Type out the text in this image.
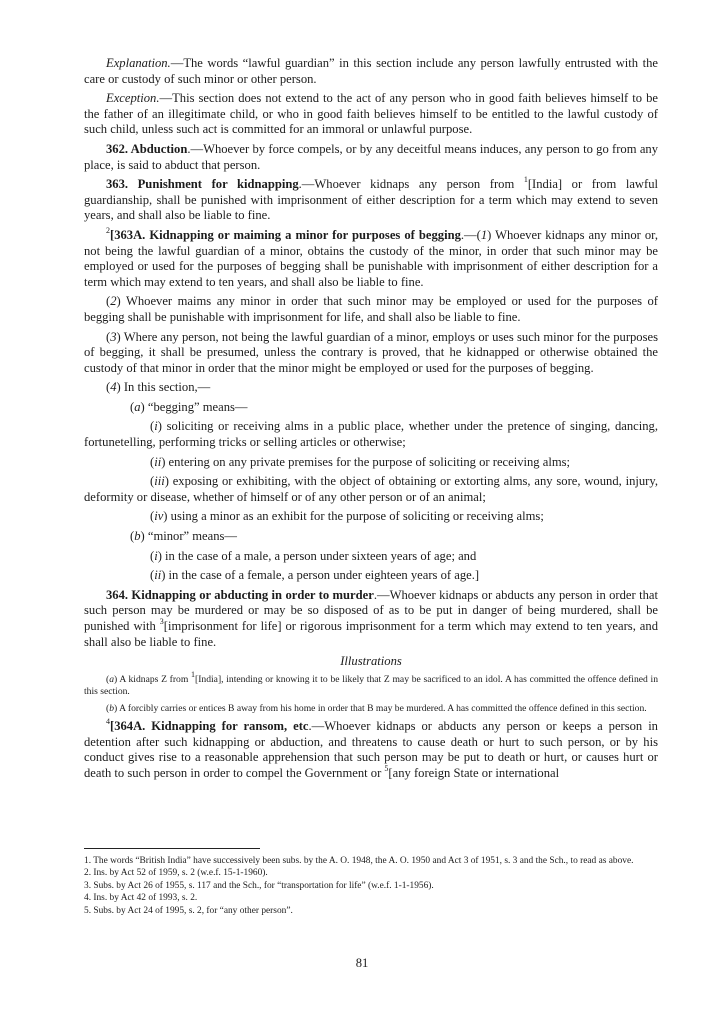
Explanation.—The words “lawful guardian” in this section include any person lawfully entrusted with the care or custody of such minor or other person.

Exception.—This section does not extend to the act of any person who in good faith believes himself to be the father of an illegitimate child, or who in good faith believes himself to be entitled to the lawful custody of such child, unless such act is committed for an immoral or unlawful purpose.

362. Abduction.—Whoever by force compels, or by any deceitful means induces, any person to go from any place, is said to abduct that person.

363. Punishment for kidnapping.—Whoever kidnaps any person from $^1$[India] or from lawful guardianship, shall be punished with imprisonment of either description for a term which may extend to seven years, and shall also be liable to fine.

$^2$[363A. Kidnapping or maiming a minor for purposes of begging.—(1) Whoever kidnaps any minor or, not being the lawful guardian of a minor, obtains the custody of the minor, in order that such minor may be employed or used for the purposes of begging shall be punishable with imprisonment of either description for a term which may extend to ten years, and shall also be liable to fine.

(2) Whoever maims any minor in order that such minor may be employed or used for the purposes of begging shall be punishable with imprisonment for life, and shall also be liable to fine.

(3) Where any person, not being the lawful guardian of a minor, employs or uses such minor for the purposes of begging, it shall be presumed, unless the contrary is proved, that he kidnapped or otherwise obtained the custody of that minor in order that the minor might be employed or used for the purposes of begging.

(4) In this section,—

(a) “begging” means—

(i) soliciting or receiving alms in a public place, whether under the pretence of singing, dancing, fortunetelling, performing tricks or selling articles or otherwise;

(ii) entering on any private premises for the purpose of soliciting or receiving alms;

(iii) exposing or exhibiting, with the object of obtaining or extorting alms, any sore, wound, injury, deformity or disease, whether of himself or of any other person or of an animal;

(iv) using a minor as an exhibit for the purpose of soliciting or receiving alms;

(b) “minor” means—

(i) in the case of a male, a person under sixteen years of age; and

(ii) in the case of a female, a person under eighteen years of age.]

364. Kidnapping or abducting in order to murder.—Whoever kidnaps or abducts any person in order that such person may be murdered or may be so disposed of as to be put in danger of being murdered, shall be punished with $^3$[imprisonment for life] or rigorous imprisonment for a term which may extend to ten years, and shall also be liable to fine.

Illustrations

(a) A kidnaps Z from $^1$[India], intending or knowing it to be likely that Z may be sacrificed to an idol. A has committed the offence defined in this section.

(b) A forcibly carries or entices B away from his home in order that B may be murdered. A has committed the offence defined in this section.

$^4$[364A. Kidnapping for ransom, etc.—Whoever kidnaps or abducts any person or keeps a person in detention after such kidnapping or abduction, and threatens to cause death or hurt to such person, or by his conduct gives rise to a reasonable apprehension that such person may be put to death or hurt, or causes hurt or death to such person in order to compel the Government or $^5$[any foreign State or international

1. The words “British India” have successively been subs. by the A. O. 1948, the A. O. 1950 and Act 3 of 1951, s. 3 and the Sch., to read as above.

2. Ins. by Act 52 of 1959, s. 2 (w.e.f. 15-1-1960).

3. Subs. by Act 26 of 1955, s. 117 and the Sch., for “transportation for life” (w.e.f. 1-1-1956).

4. Ins. by Act 42 of 1993, s. 2.

5. Subs. by Act 24 of 1995, s. 2, for “any other person”.

81
